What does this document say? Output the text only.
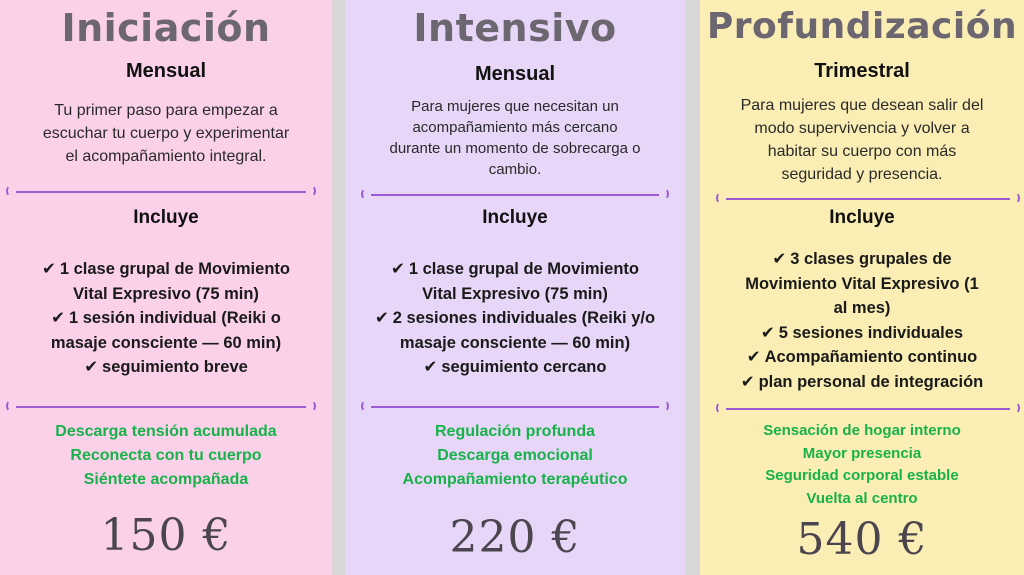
Iniciación
Mensual
Tu primer paso para empezar a
escuchar tu cuerpo y experimentar
el acompañamiento integral.
Incluye
✔ 1 clase grupal de Movimiento
Vital Expresivo (75 min)
✔ 1 sesión individual (Reiki o
masaje consciente — 60 min)
✔ seguimiento breve
Descarga tensión acumulada
Reconecta con tu cuerpo
Siéntete acompañada
150 €
Intensivo
Mensual
Para mujeres que necesitan un
acompañamiento más cercano
durante un momento de sobrecarga o
cambio.
Incluye
✔ 1 clase grupal de Movimiento
Vital Expresivo (75 min)
✔ 2 sesiones individuales (Reiki y/o
masaje consciente — 60 min)
✔ seguimiento cercano
Regulación profunda
Descarga emocional
Acompañamiento terapéutico
220 €
Profundización
Trimestral
Para mujeres que desean salir del
modo supervivencia y volver a
habitar su cuerpo con más
seguridad y presencia.
Incluye
✔ 3 clases grupales de
Movimiento Vital Expresivo (1
al mes)
✔ 5 sesiones individuales
✔ Acompañamiento continuo
✔ plan personal de integración
Sensación de hogar interno
Mayor presencia
Seguridad corporal estable
Vuelta al centro
540 €
